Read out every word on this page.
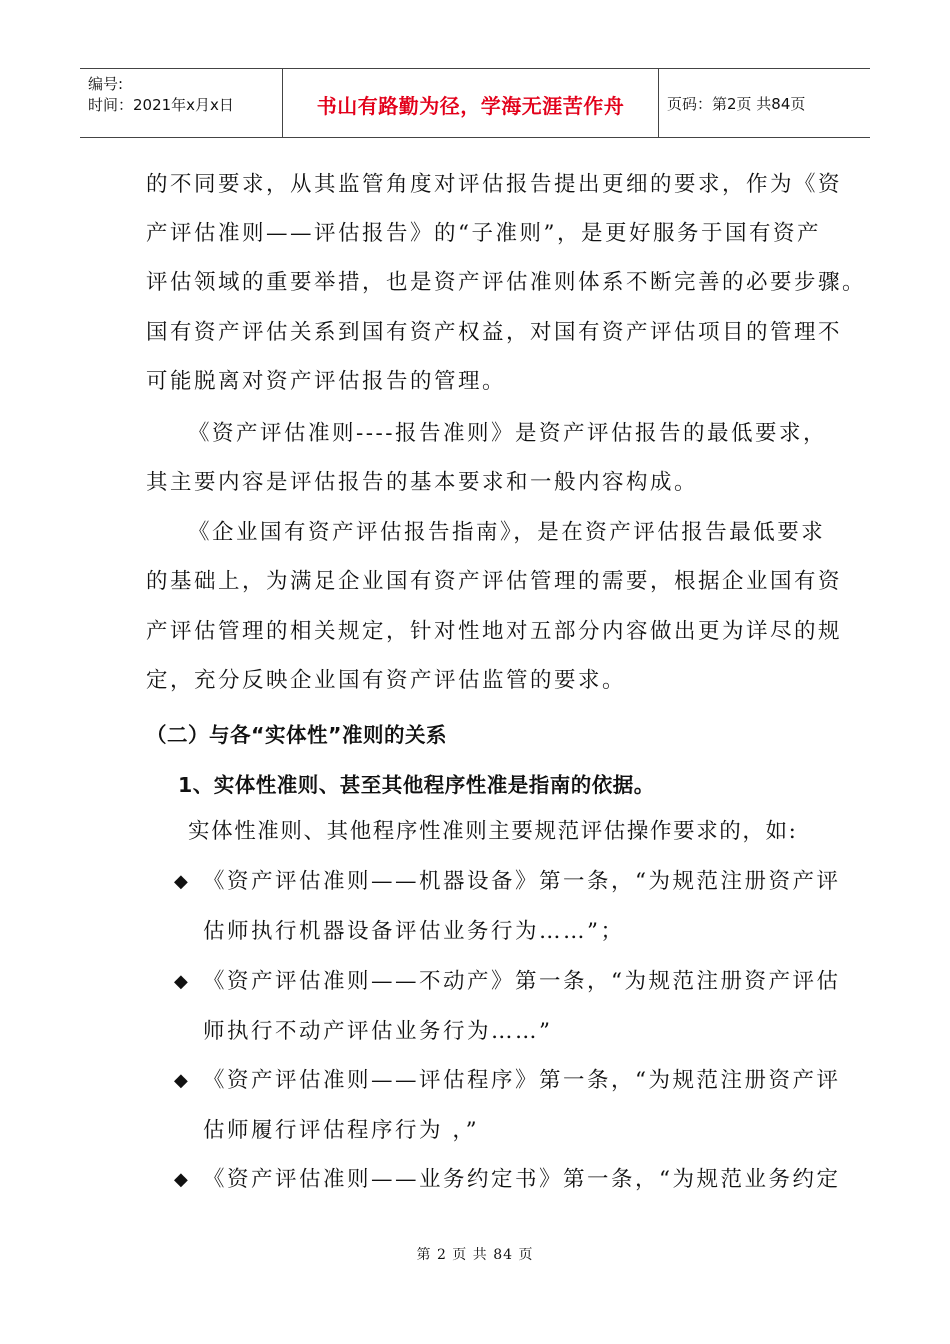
编号:
时间：2021年x月x日	书山有路勤为径，学海无涯苦作舟	页码：第2页 共84页
的不同要求，从其监管角度对评估报告提出更细的要求，作为《资
产评估准则——评估报告》的“子准则”，是更好服务于国有资产
评估领域的重要举措，也是资产评估准则体系不断完善的必要步骤。
国有资产评估关系到国有资产权益，对国有资产评估项目的管理不
可能脱离对资产评估报告的管理。
《资产评估准则----报告准则》是资产评估报告的最低要求，
其主要内容是评估报告的基本要求和一般内容构成。
《企业国有资产评估报告指南》，是在资产评估报告最低要求
的基础上，为满足企业国有资产评估管理的需要，根据企业国有资
产评估管理的相关规定，针对性地对五部分内容做出更为详尽的规
定，充分反映企业国有资产评估监管的要求。
（二）与各“实体性”准则的关系
1、实体性准则、甚至其他程序性准是指南的依据。
实体性准则、其他程序性准则主要规范评估操作要求的，如:
◆ 《资产评估准则——机器设备》第一条，“为规范注册资产评
估师执行机器设备评估业务行为……”；
◆ 《资产评估准则——不动产》第一条，“为规范注册资产评估
师执行不动产评估业务行为……”
◆ 《资产评估准则——评估程序》第一条，“为规范注册资产评
估师履行评估程序行为 ，”
◆ 《资产评估准则——业务约定书》第一条，“为规范业务约定
第 2 页 共 84 页
